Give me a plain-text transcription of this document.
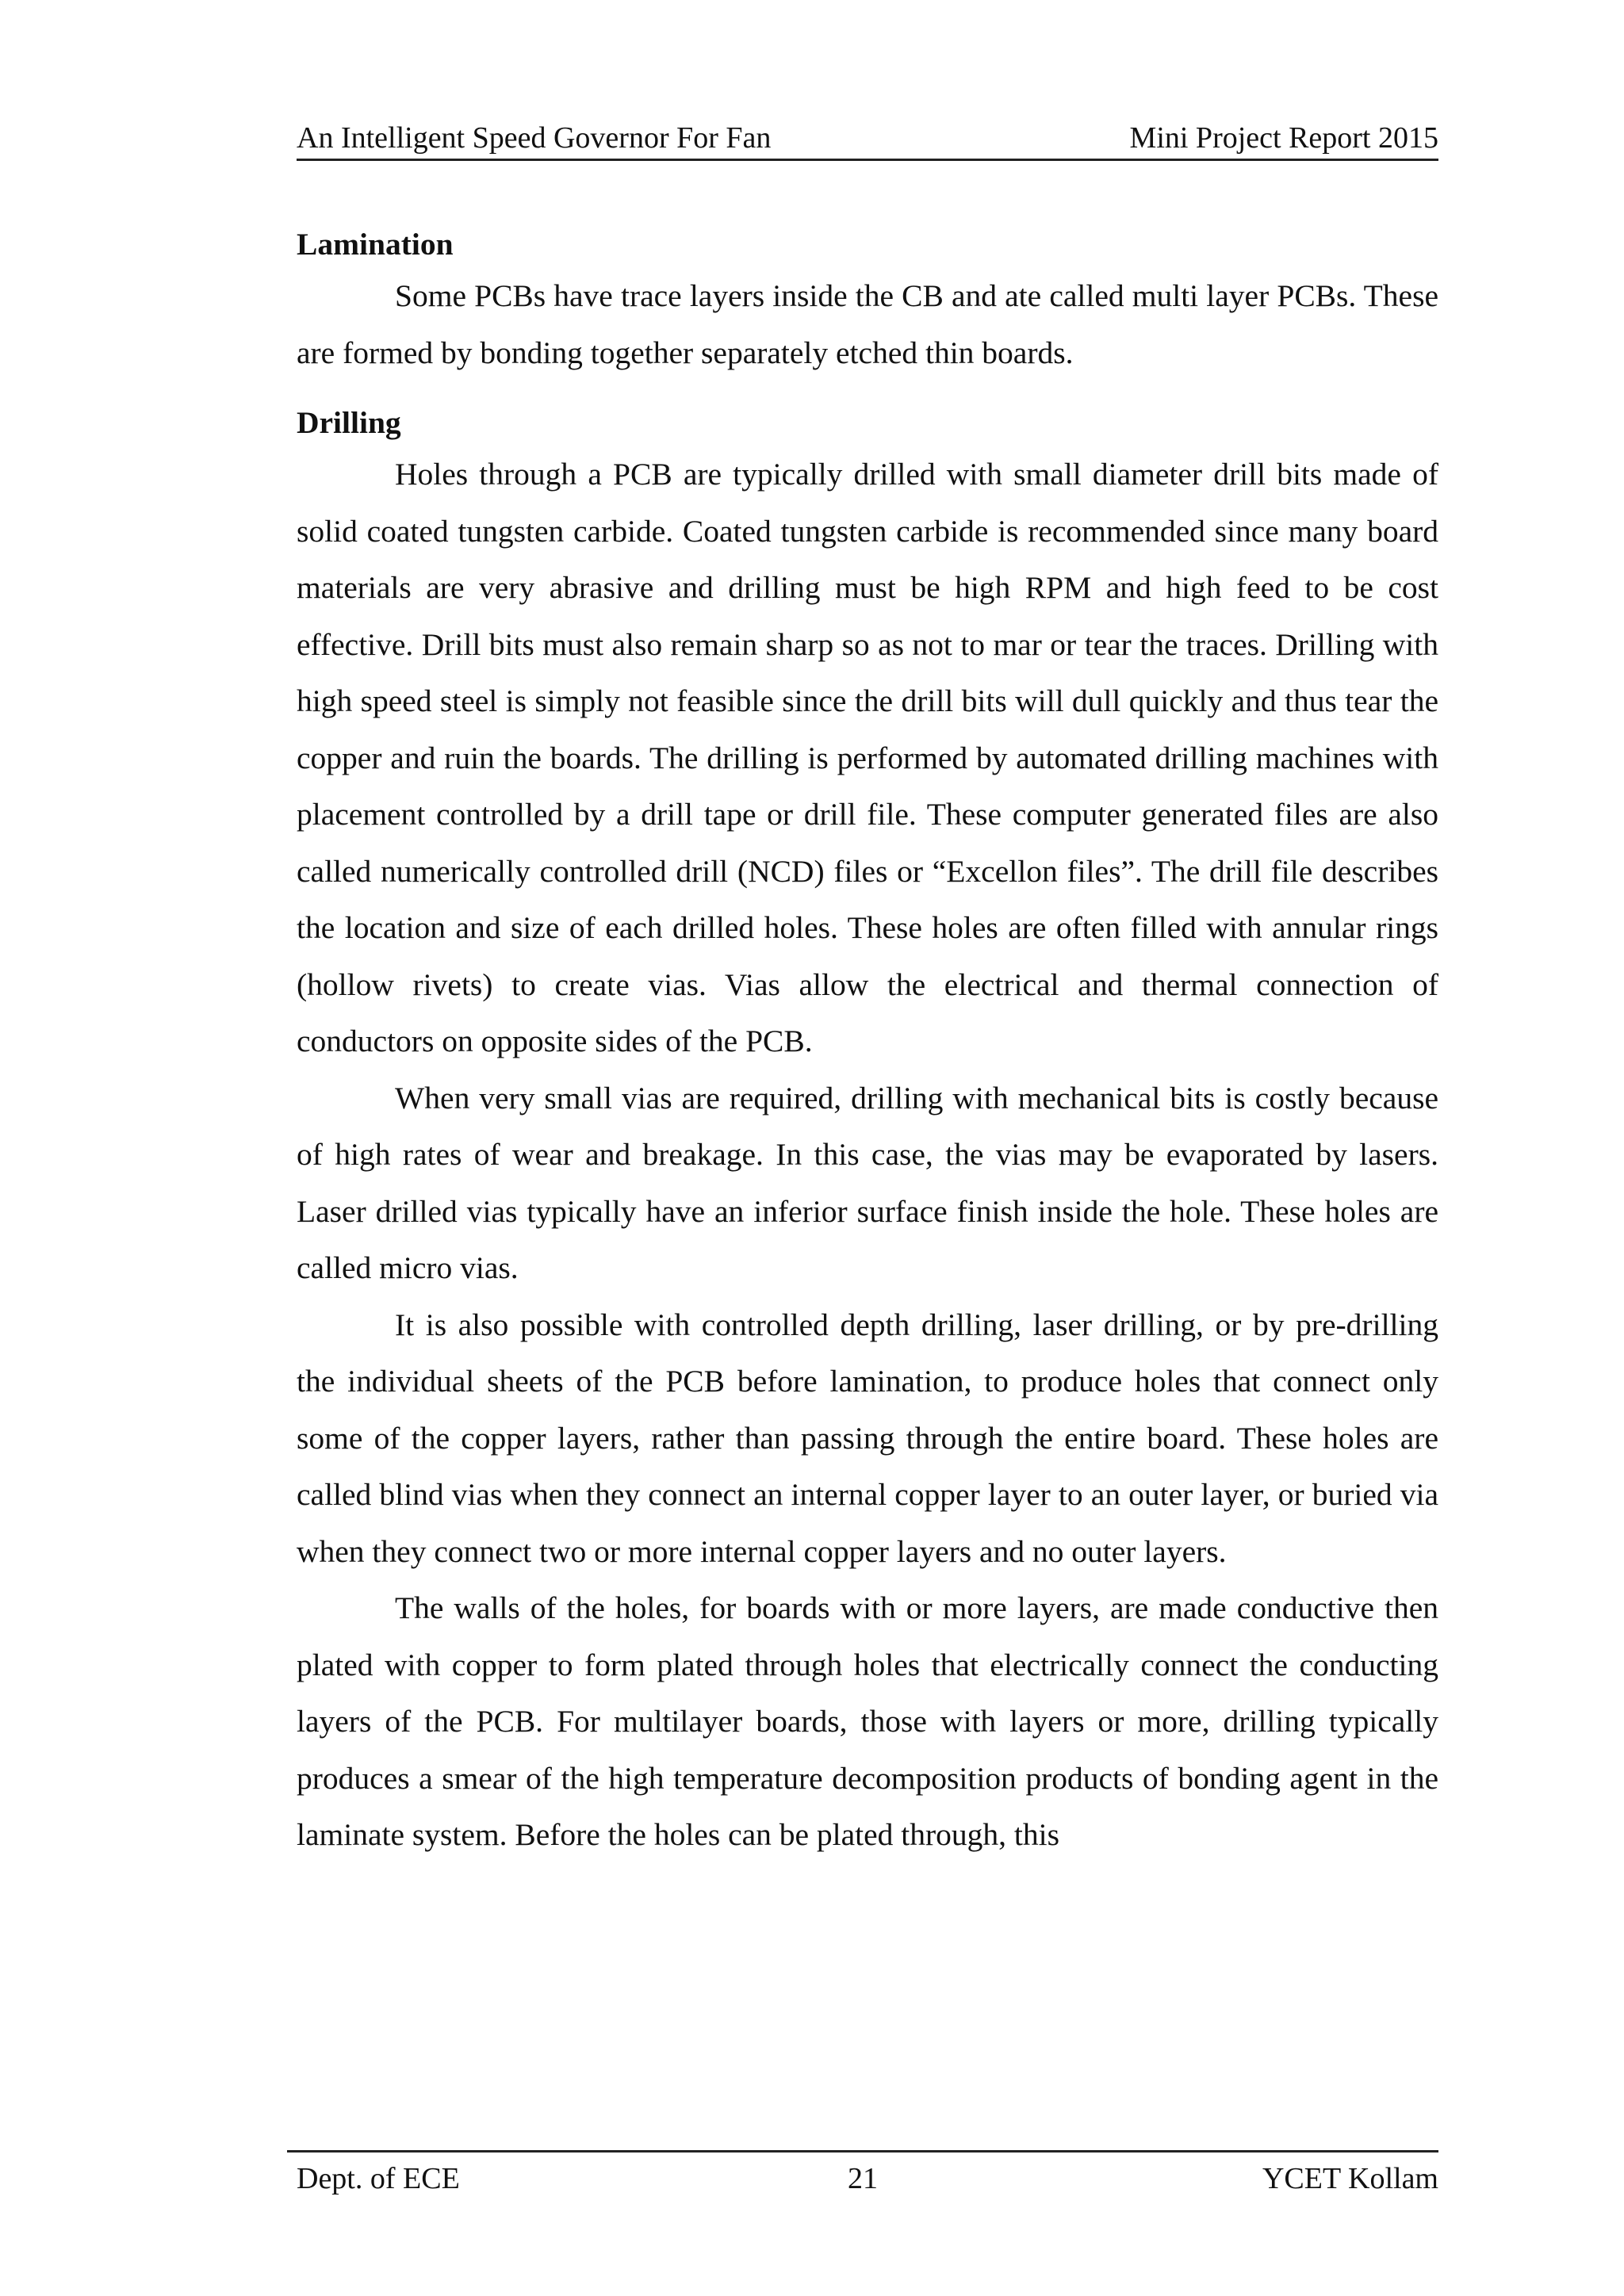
An Intelligent Speed Governor For Fan	Mini Project Report 2015
Lamination

Some PCBs have trace layers inside the CB and ate called multi layer PCBs. These are formed by bonding together separately etched thin boards.

Drilling

Holes through a PCB are typically drilled with small diameter drill bits made of solid coated tungsten carbide. Coated tungsten carbide is recommended since many board materials are very abrasive and drilling must be high RPM and high feed to be cost effective. Drill bits must also remain sharp so as not to mar or tear the traces. Drilling with high speed steel is simply not feasible since the drill bits will dull quickly and thus tear the copper and ruin the boards. The drilling is performed by automated drilling machines with placement controlled by a drill tape or drill file. These computer generated files are also called numerically controlled drill (NCD) files or “Excellon files”. The drill file describes the location and size of each drilled holes. These holes are often filled with annular rings (hollow rivets) to create vias. Vias allow the electrical and thermal connection of conductors on opposite sides of the PCB.

When very small vias are required, drilling with mechanical bits is costly because of high rates of wear and breakage. In this case, the vias may be evaporated by lasers. Laser drilled vias typically have an inferior surface finish inside the hole. These holes are called micro vias.

It is also possible with controlled depth drilling, laser drilling, or by pre-drilling the individual sheets of the PCB before lamination, to produce holes that connect only some of the copper layers, rather than passing through the entire board. These holes are called blind vias when they connect an internal copper layer to an outer layer, or buried via when they connect two or more internal copper layers and no outer layers.

The walls of the holes, for boards with or more layers, are made conductive then plated with copper to form plated through holes that electrically connect the conducting layers of the PCB. For multilayer boards, those with layers or more, drilling typically produces a smear of the high temperature decomposition products of bonding agent in the laminate system. Before the holes can be plated through, this

Dept. of ECE	21	YCET Kollam
